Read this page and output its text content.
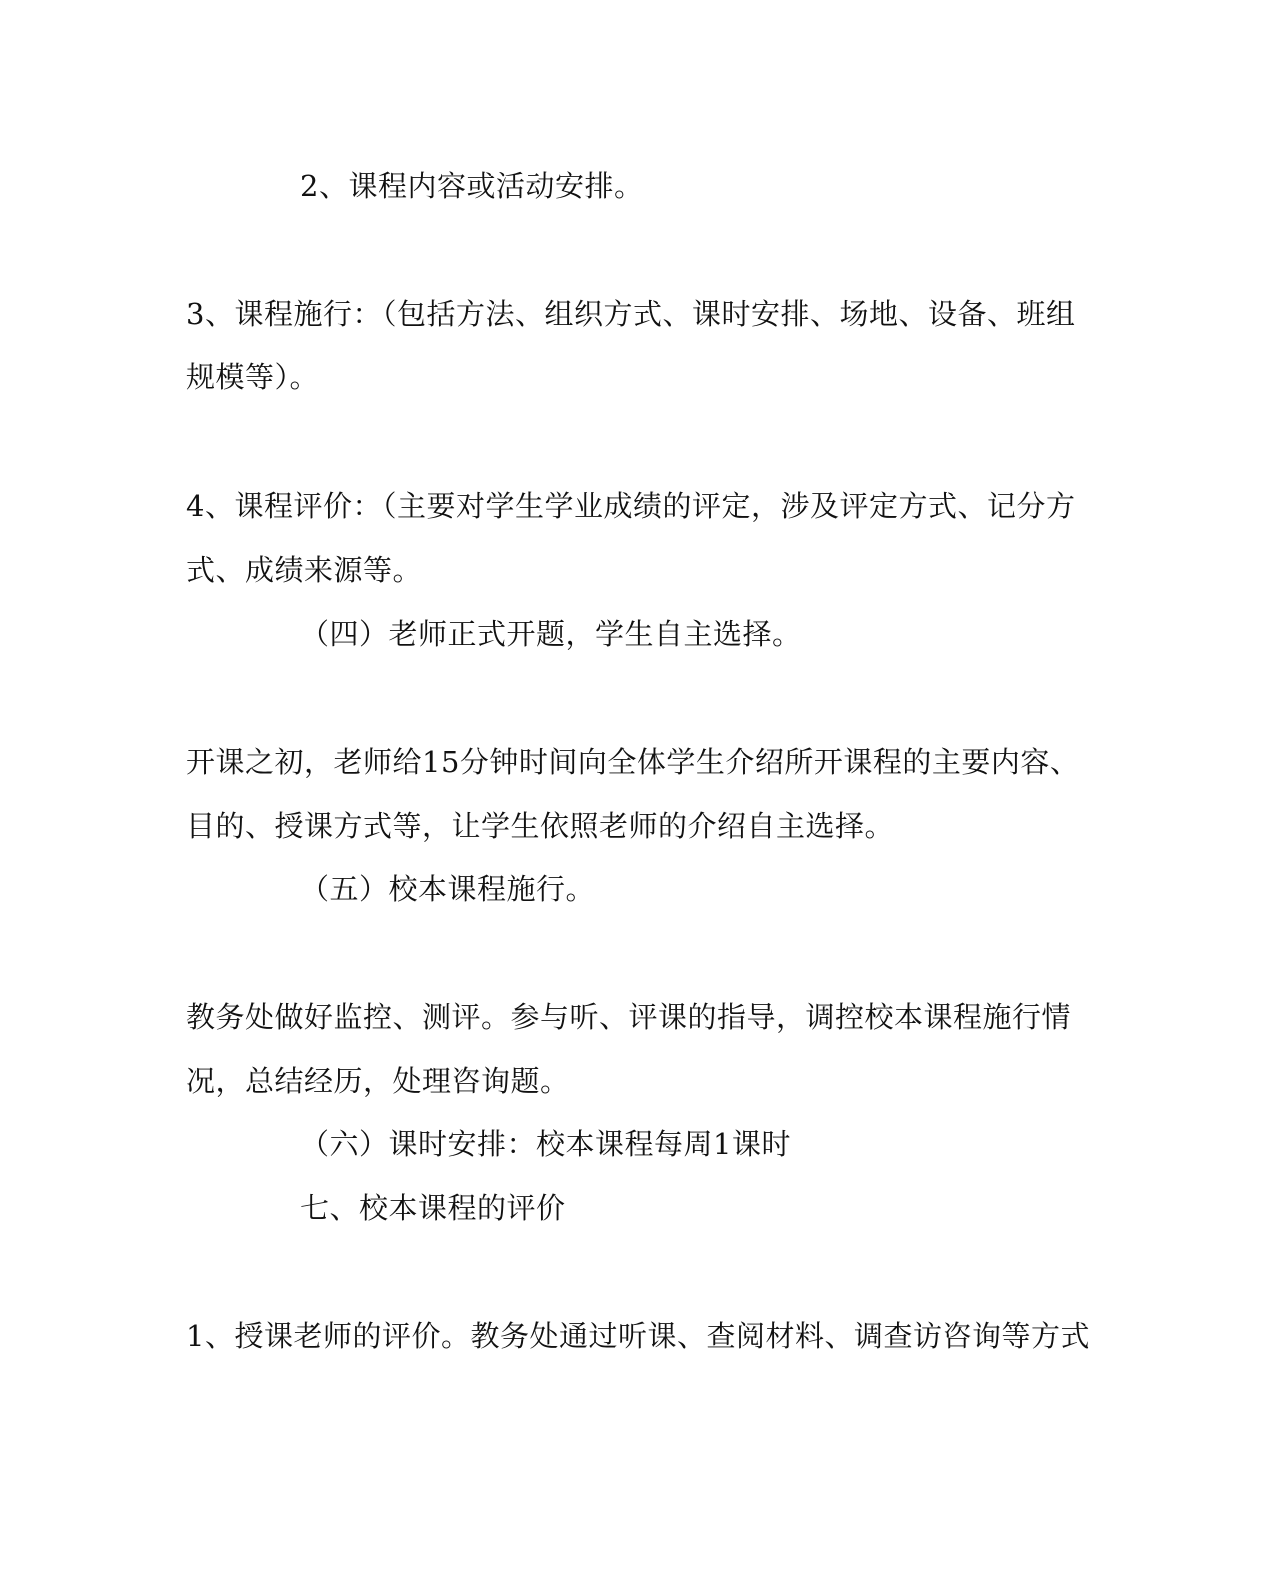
2、课程内容或活动安排。
3、课程施行：（包括方法、组织方式、课时安排、场地、设备、班组
规模等）。
4、课程评价：（主要对学生学业成绩的评定，涉及评定方式、记分方
式、成绩来源等。
（四）老师正式开题，学生自主选择。
开课之初，老师给15分钟时间向全体学生介绍所开课程的主要内容、
目的、授课方式等，让学生依照老师的介绍自主选择。
（五）校本课程施行。
教务处做好监控、测评。参与听、评课的指导，调控校本课程施行情
况，总结经历，处理咨询题。
（六）课时安排：校本课程每周1课时
七、校本课程的评价
1、授课老师的评价。教务处通过听课、查阅材料、调查访咨询等方式
